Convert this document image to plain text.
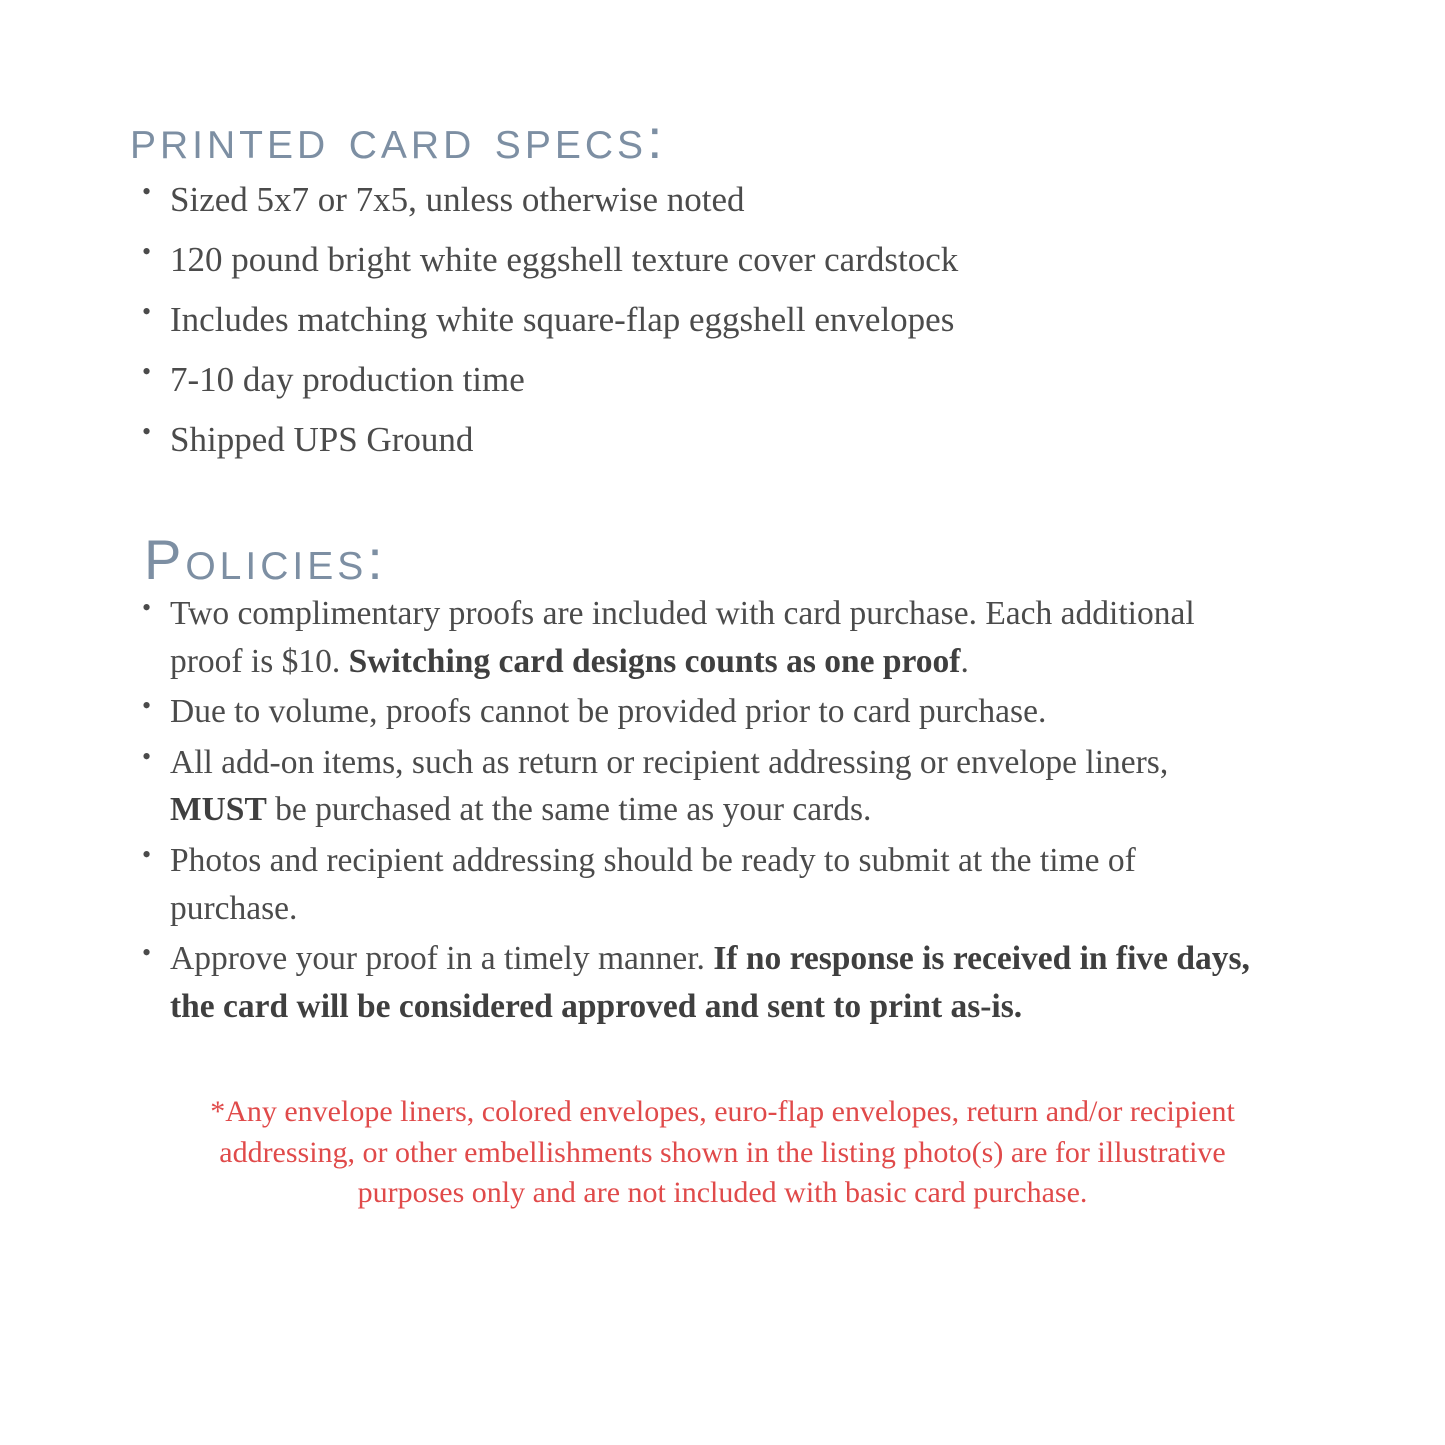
printed card specs:
• Sized 5x7 or 7x5, unless otherwise noted
• 120 pound bright white eggshell texture cover cardstock
• Includes matching white square-flap eggshell envelopes
• 7-10 day production time
• Shipped UPS Ground
Policies:
• Two complimentary proofs are included with card purchase. Each additional proof is $10. Switching card designs counts as one proof.
• Due to volume, proofs cannot be provided prior to card purchase.
• All add-on items, such as return or recipient addressing or envelope liners, MUST be purchased at the same time as your cards.
• Photos and recipient addressing should be ready to submit at the time of purchase.
• Approve your proof in a timely manner. If no response is received in five days, the card will be considered approved and sent to print as-is.
*Any envelope liners, colored envelopes, euro-flap envelopes, return and/or recipient addressing, or other embellishments shown in the listing photo(s) are for illustrative purposes only and are not included with basic card purchase.
